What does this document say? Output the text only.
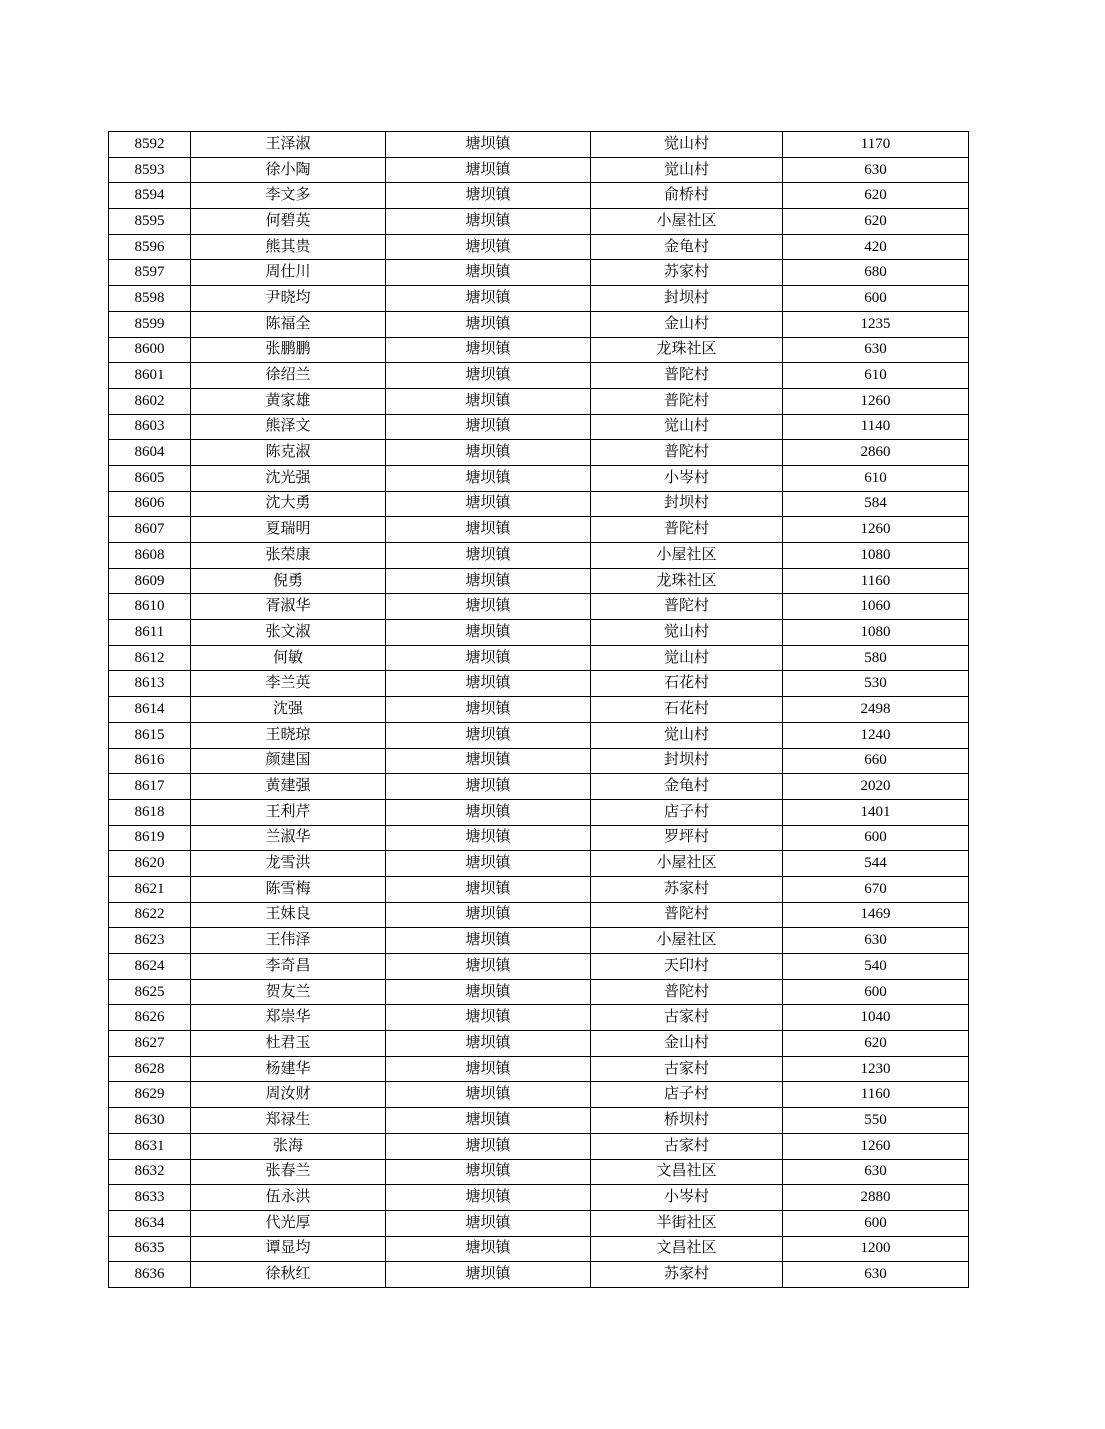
8592	王泽淑	塘坝镇	觉山村	1170
8593	徐小陶	塘坝镇	觉山村	630
8594	李文多	塘坝镇	俞桥村	620
8595	何碧英	塘坝镇	小屋社区	620
8596	熊其贵	塘坝镇	金龟村	420
8597	周仕川	塘坝镇	苏家村	680
8598	尹晓均	塘坝镇	封坝村	600
8599	陈福全	塘坝镇	金山村	1235
8600	张鹏鹏	塘坝镇	龙珠社区	630
8601	徐绍兰	塘坝镇	普陀村	610
8602	黄家雄	塘坝镇	普陀村	1260
8603	熊泽文	塘坝镇	觉山村	1140
8604	陈克淑	塘坝镇	普陀村	2860
8605	沈光强	塘坝镇	小岑村	610
8606	沈大勇	塘坝镇	封坝村	584
8607	夏瑞明	塘坝镇	普陀村	1260
8608	张荣康	塘坝镇	小屋社区	1080
8609	倪勇	塘坝镇	龙珠社区	1160
8610	胥淑华	塘坝镇	普陀村	1060
8611	张文淑	塘坝镇	觉山村	1080
8612	何敏	塘坝镇	觉山村	580
8613	李兰英	塘坝镇	石花村	530
8614	沈强	塘坝镇	石花村	2498
8615	王晓琼	塘坝镇	觉山村	1240
8616	颜建国	塘坝镇	封坝村	660
8617	黄建强	塘坝镇	金龟村	2020
8618	王利芹	塘坝镇	店子村	1401
8619	兰淑华	塘坝镇	罗坪村	600
8620	龙雪洪	塘坝镇	小屋社区	544
8621	陈雪梅	塘坝镇	苏家村	670
8622	王妹良	塘坝镇	普陀村	1469
8623	王伟泽	塘坝镇	小屋社区	630
8624	李奇昌	塘坝镇	天印村	540
8625	贺友兰	塘坝镇	普陀村	600
8626	郑崇华	塘坝镇	古家村	1040
8627	杜君玉	塘坝镇	金山村	620
8628	杨建华	塘坝镇	古家村	1230
8629	周汝财	塘坝镇	店子村	1160
8630	郑禄生	塘坝镇	桥坝村	550
8631	张海	塘坝镇	古家村	1260
8632	张春兰	塘坝镇	文昌社区	630
8633	伍永洪	塘坝镇	小岑村	2880
8634	代光厚	塘坝镇	半街社区	600
8635	谭显均	塘坝镇	文昌社区	1200
8636	徐秋红	塘坝镇	苏家村	630
